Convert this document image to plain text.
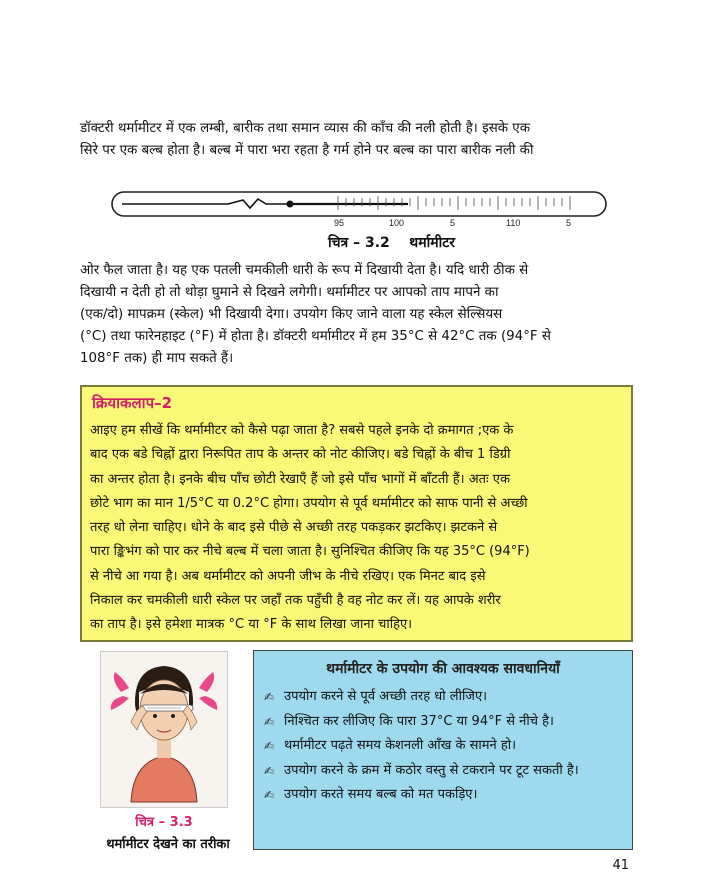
डॉक्टरी थर्मामीटर में एक लम्बी, बारीक तथा समान व्यास की काँच की नली होती है। इसके एक
सिरे पर एक बल्ब होता है। बल्ब में पारा भरा रहता है गर्म होने पर बल्ब का पारा बारीक नली की
95	100	5	110	5
चित्र – 3.2 थर्मामीटर
ओर फैल जाता है। यह एक पतली चमकीली धारी के रूप में दिखायी देता है। यदि धारी ठीक से
दिखायी न देती हो तो थोड़ा घुमाने से दिखने लगेगी। थर्मामीटर पर आपको ताप मापने का
(एक/दो) मापक्रम (स्केल) भी दिखायी देगा। उपयोग किए जाने वाला यह स्केल सेल्सियस
(°C) तथा फारेनहाइट (°F) में होता है। डॉक्टरी थर्मामीटर में हम 35°C से 42°C तक (94°F से
108°F तक) ही माप सकते हैं।
क्रियाकलाप–2
आइए हम सीखें कि थर्मामीटर को कैसे पढ़ा जाता है? सबसे पहले इनके दो क्रमागत ;एक के
बाद एक बडे चिह्नों द्वारा निरूपित ताप के अन्तर को नोट कीजिए। बडे चिह्नों के बीच 1 डिग्री
का अन्तर होता है। इनके बीच पाँच छोटी रेखाएँ हैं जो इसे पाँच भागों में बाँटती हैं। अतः एक
छोटे भाग का मान 1/5°C या 0.2°C होगा। उपयोग से पूर्व थर्मामीटर को साफ पानी से अच्छी
तरह धो लेना चाहिए। धोने के बाद इसे पीछे से अच्छी तरह पकड़कर झटकिए। झटकने से
पारा ङ्किभंग को पार कर नीचे बल्ब में चला जाता है। सुनिश्चित कीजिए कि यह 35°C (94°F)
से नीचे आ गया है। अब थर्मामीटर को अपनी जीभ के नीचे रखिए। एक मिनट बाद इसे
निकाल कर चमकीली धारी स्केल पर जहाँ तक पहुँची है वह नोट कर लें। यह आपके शरीर
का ताप है। इसे हमेशा मात्रक °C या °F के साथ लिखा जाना चाहिए।
चित्र – 3.3
थर्मामीटर देखने का तरीका
थर्मामीटर के उपयोग की आवश्यक सावधानियाँ
✍ उपयोग करने से पूर्व अच्छी तरह धो लीजिए।
✍ निश्चित कर लीजिए कि पारा 37°C या 94°F से नीचे है।
✍ थर्मामीटर पढ़ते समय केशनली आँख के सामने हो।
✍ उपयोग करने के क्रम में कठोर वस्तु से टकराने पर टूट सकती है।
✍ उपयोग करते समय बल्ब को मत पकड़िए।
41
